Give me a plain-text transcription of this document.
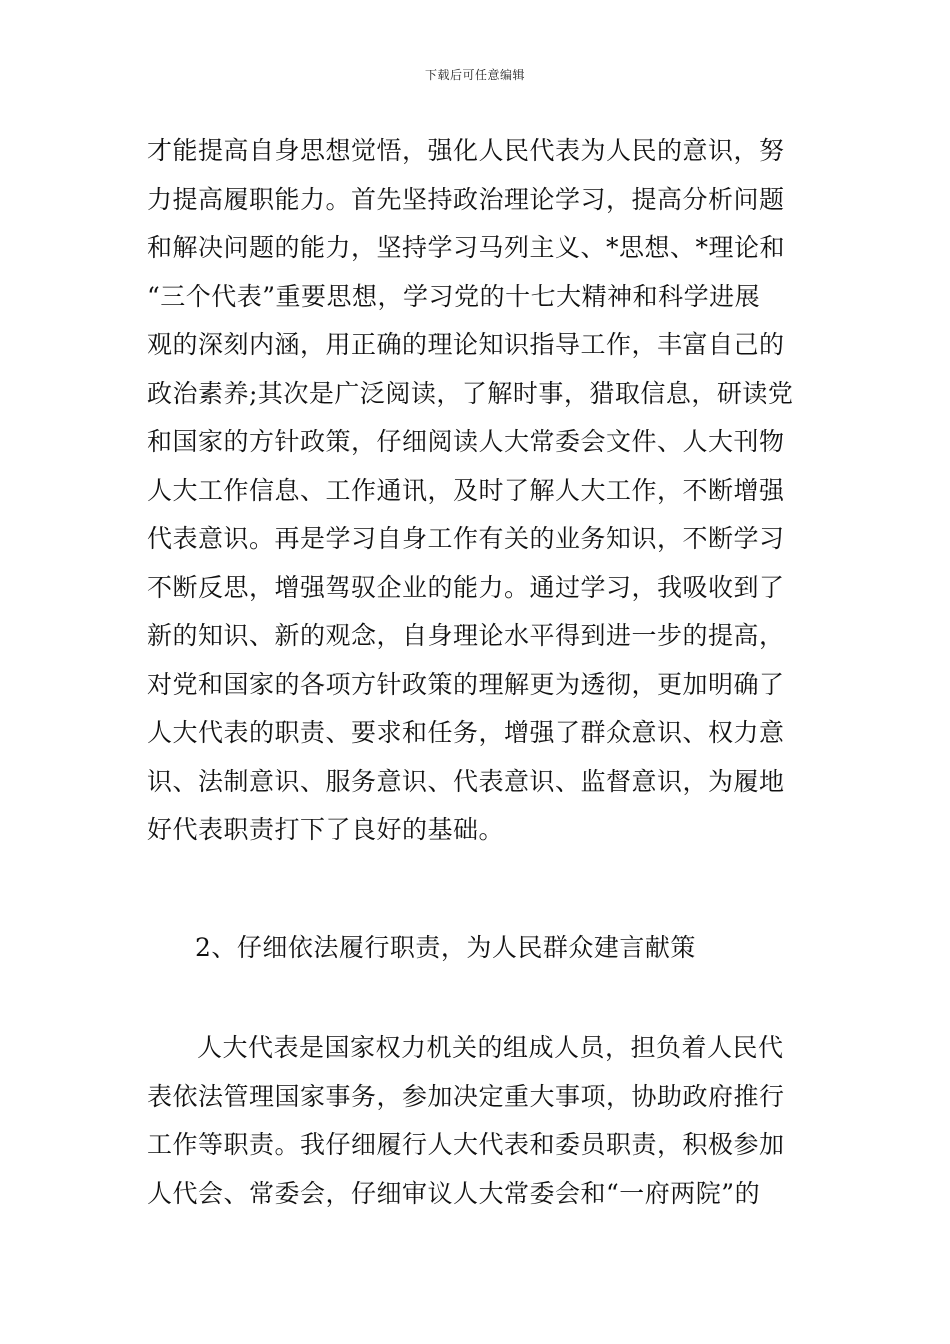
下载后可任意编辑
才能提高自身思想觉悟，强化人民代表为人民的意识，努
力提高履职能力。首先坚持政治理论学习，提高分析问题
和解决问题的能力，坚持学习马列主义、*思想、*理论和
“三个代表”重要思想，学习党的十七大精神和科学进展
观的深刻内涵，用正确的理论知识指导工作，丰富自己的
政治素养;其次是广泛阅读，了解时事，猎取信息，研读党
和国家的方针政策，仔细阅读人大常委会文件、人大刊物
人大工作信息、工作通讯，及时了解人大工作，不断增强
代表意识。再是学习自身工作有关的业务知识，不断学习
不断反思，增强驾驭企业的能力。通过学习，我吸收到了
新的知识、新的观念，自身理论水平得到进一步的提高，
对党和国家的各项方针政策的理解更为透彻，更加明确了
人大代表的职责、要求和任务，增强了群众意识、权力意
识、法制意识、服务意识、代表意识、监督意识，为履地
好代表职责打下了良好的基础。
2、仔细依法履行职责，为人民群众建言献策
人大代表是国家权力机关的组成人员，担负着人民代
表依法管理国家事务，参加决定重大事项，协助政府推行
工作等职责。我仔细履行人大代表和委员职责，积极参加
人代会、常委会，仔细审议人大常委会和“一府两院”的
